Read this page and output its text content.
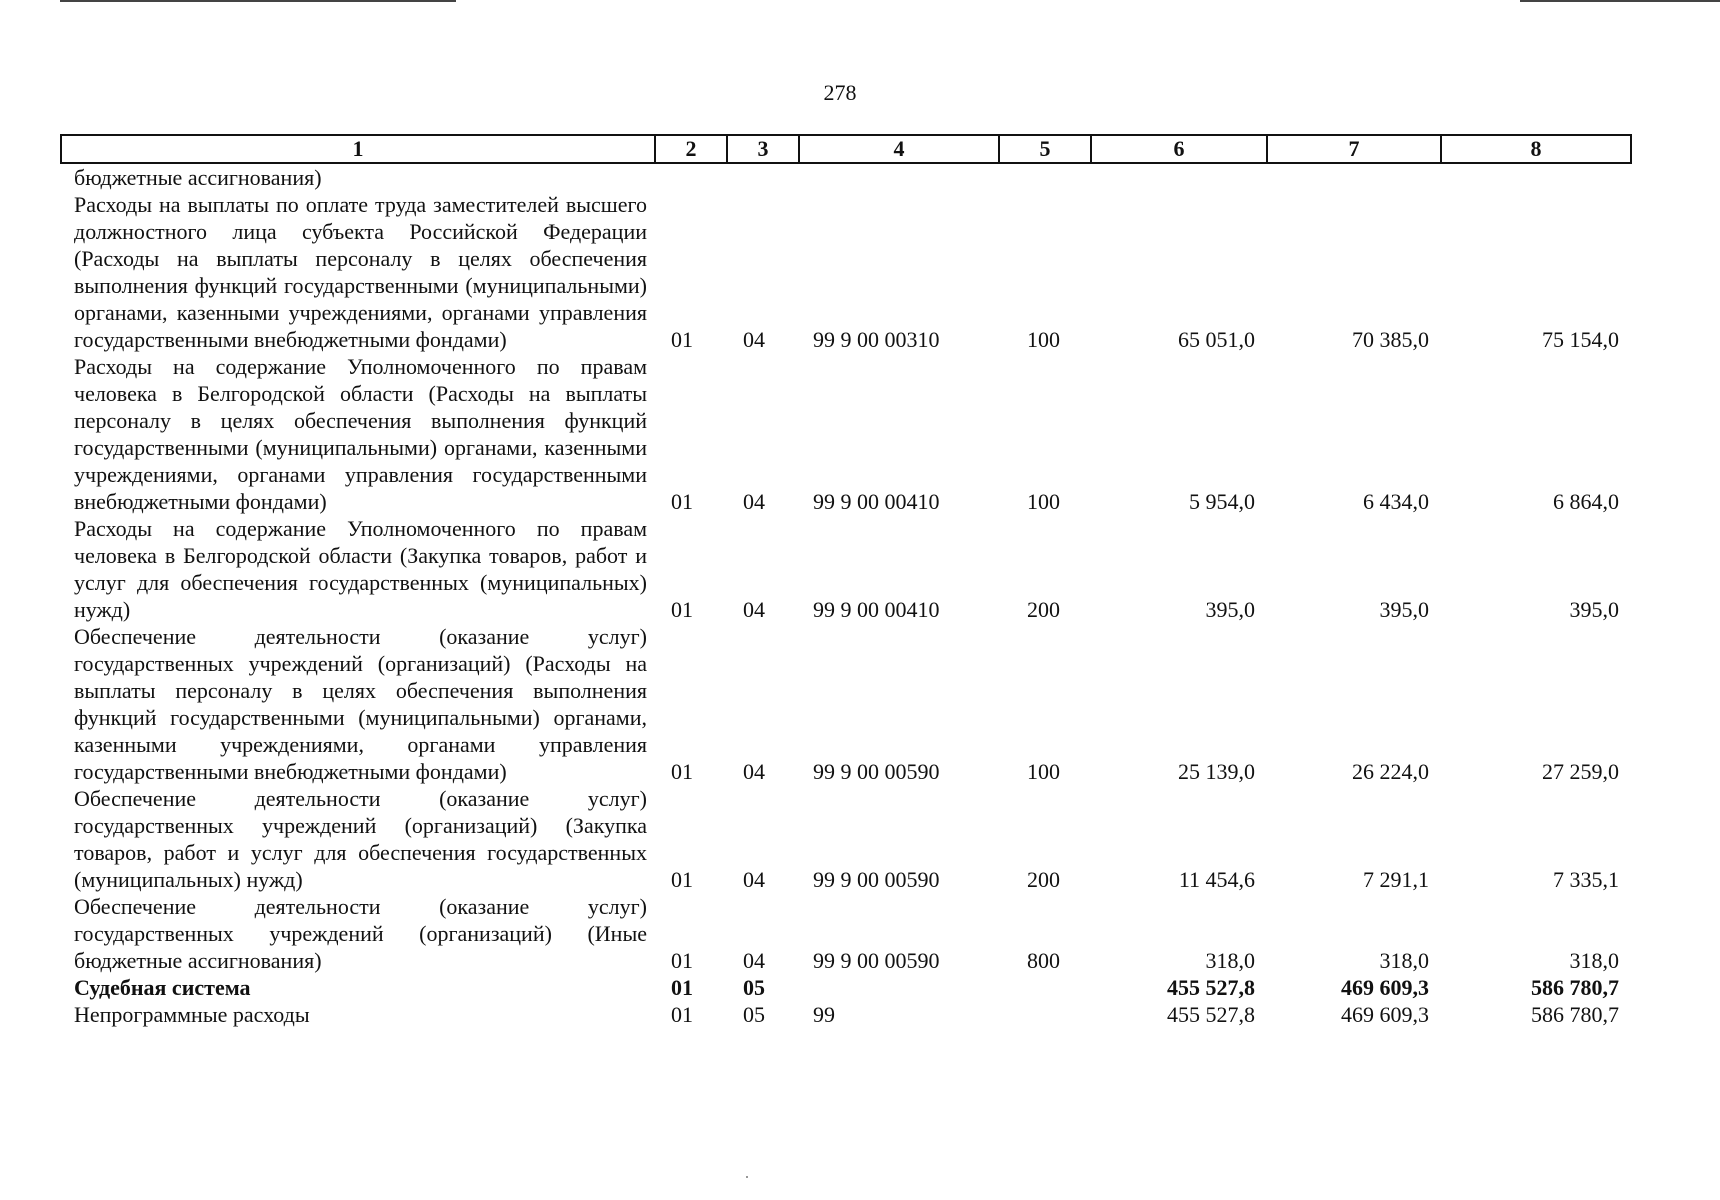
278
1	2	3	4	5	6	7	8
бюджетные ассигнования)							
Расходы на выплаты по оплате труда заместителей высшего должностного лица субъекта Российской Федерации (Расходы на выплаты персоналу в целях обеспечения выполнения функций государственными (муниципальными) органами, казенными учреждениями, органами управления государственными внебюджетными фондами)	01	04	99 9 00 00310	100	65 051,0	70 385,0	75 154,0
Расходы на содержание Уполномоченного по правам человека в Белгородской области (Расходы на выплаты персоналу в целях обеспечения выполнения функций государственными (муниципальными) органами, казенными учреждениями, органами управления государственными внебюджетными фондами)	01	04	99 9 00 00410	100	5 954,0	6 434,0	6 864,0
Расходы на содержание Уполномоченного по правам человека в Белгородской области (Закупка товаров, работ и услуг для обеспечения государственных (муниципальных) нужд)	01	04	99 9 00 00410	200	395,0	395,0	395,0
Обеспечение деятельности (оказание услуг) государственных учреждений (организаций) (Расходы на выплаты персоналу в целях обеспечения выполнения функций государственными (муниципальными) органами, казенными учреждениями, органами управления государственными внебюджетными фондами)	01	04	99 9 00 00590	100	25 139,0	26 224,0	27 259,0
Обеспечение деятельности (оказание услуг) государственных учреждений (организаций) (Закупка товаров, работ и услуг для обеспечения государственных (муниципальных) нужд)	01	04	99 9 00 00590	200	11 454,6	7 291,1	7 335,1
Обеспечение деятельности (оказание услуг) государственных учреждений (организаций) (Иные бюджетные ассигнования)	01	04	99 9 00 00590	800	318,0	318,0	318,0
Судебная система	01	05			455 527,8	469 609,3	586 780,7
Непрограммные расходы	01	05	99		455 527,8	469 609,3	586 780,7
